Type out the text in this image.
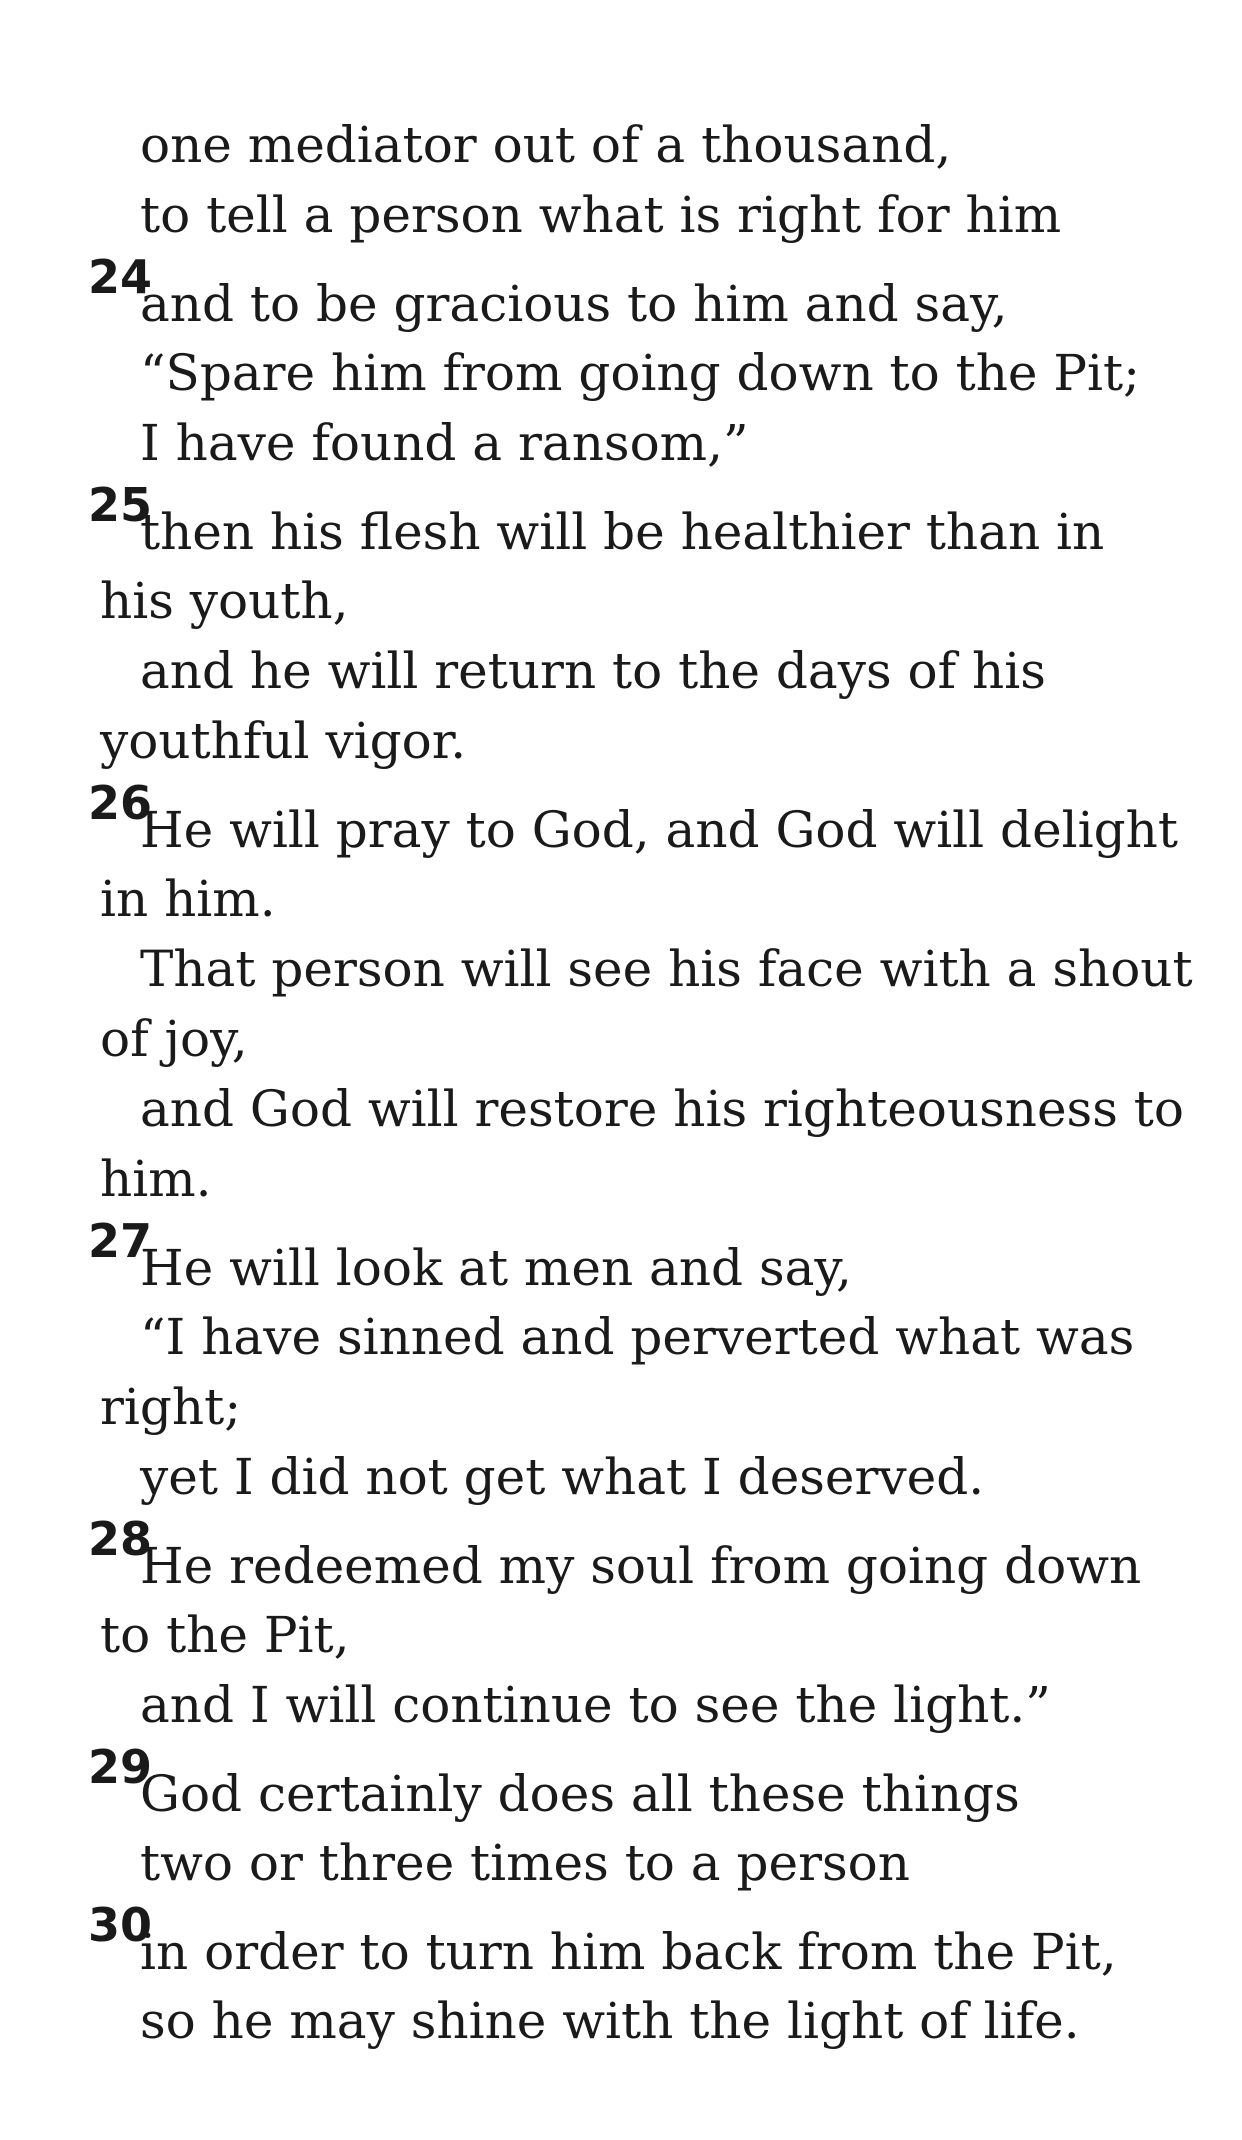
one mediator out of a thousand,
to tell a person what is right for him
24
and to be gracious to him and say,
“Spare him from going down to the Pit;
I have found a ransom,”
25
then his flesh will be healthier than in
his youth,
and he will return to the days of his
youthful vigor.
26
He will pray to God, and God will delight
in him.
That person will see his face with a shout
of joy,
and God will restore his righteousness to
him.
27
He will look at men and say,
“I have sinned and perverted what was
right;
yet I did not get what I deserved.
28
He redeemed my soul from going down
to the Pit,
and I will continue to see the light.”
29
God certainly does all these things
two or three times to a person
30
in order to turn him back from the Pit,
so he may shine with the light of life.
